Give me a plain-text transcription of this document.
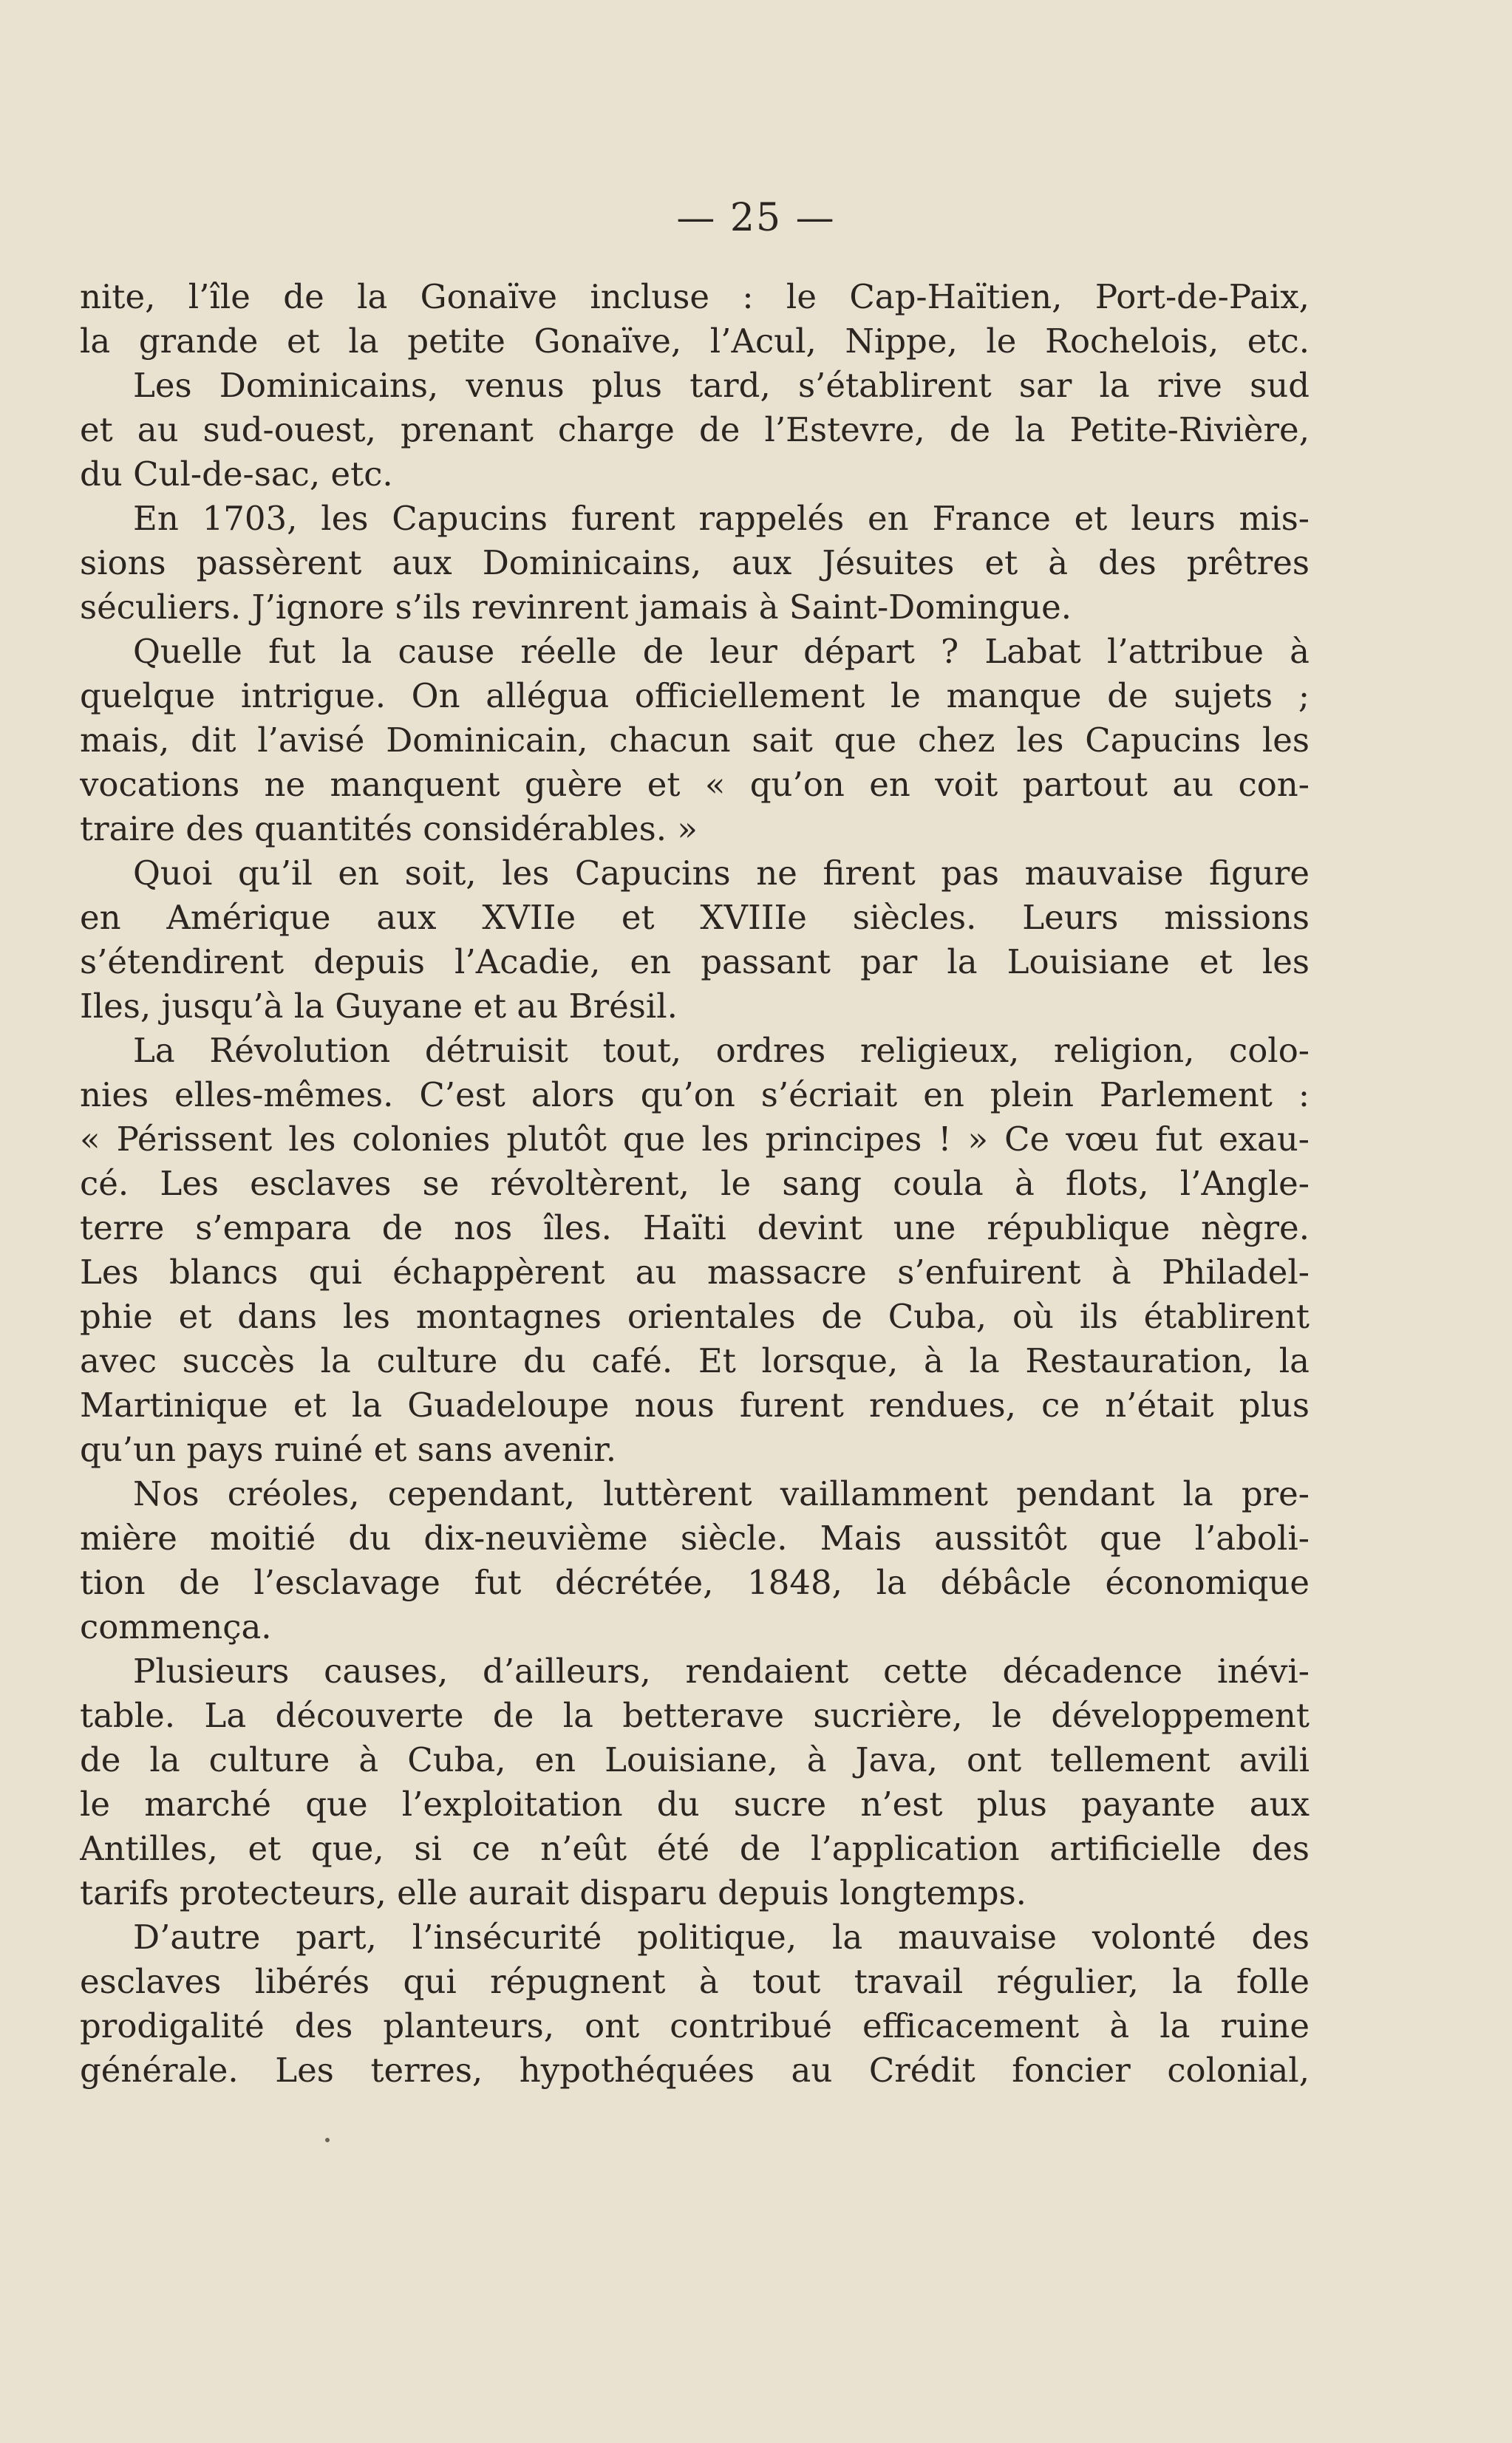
— 25 —
nite, l’île de la Gonaïve incluse : le Cap-Haïtien, Port-de-Paix,
la grande et la petite Gonaïve, l’Acul, Nippe, le Rochelois, etc.
Les Dominicains, venus plus tard, s’établirent sar la rive sud
et au sud-ouest, prenant charge de l’Estevre, de la Petite-Rivière,
du Cul-de-sac, etc.
En 1703, les Capucins furent rappelés en France et leurs mis-
sions passèrent aux Dominicains, aux Jésuites et à des prêtres
séculiers. J’ignore s’ils revinrent jamais à Saint-Domingue.
Quelle fut la cause réelle de leur départ ? Labat l’attribue à
quelque intrigue. On allégua officiellement le manque de sujets ;
mais, dit l’avisé Dominicain, chacun sait que chez les Capucins les
vocations ne manquent guère et « qu’on en voit partout au con-
traire des quantités considérables. »
Quoi qu’il en soit, les Capucins ne firent pas mauvaise figure
en Amérique aux XVIIe et XVIIIe siècles. Leurs missions
s’étendirent depuis l’Acadie, en passant par la Louisiane et les
Iles, jusqu’à la Guyane et au Brésil.
La Révolution détruisit tout, ordres religieux, religion, colo-
nies elles-mêmes. C’est alors qu’on s’écriait en plein Parlement :
« Périssent les colonies plutôt que les principes ! » Ce vœu fut exau-
cé. Les esclaves se révoltèrent, le sang coula à flots, l’Angle-
terre s’empara de nos îles. Haïti devint une république nègre.
Les blancs qui échappèrent au massacre s’enfuirent à Philadel-
phie et dans les montagnes orientales de Cuba, où ils établirent
avec succès la culture du café. Et lorsque, à la Restauration, la
Martinique et la Guadeloupe nous furent rendues, ce n’était plus
qu’un pays ruiné et sans avenir.
Nos créoles, cependant, luttèrent vaillamment pendant la pre-
mière moitié du dix-neuvième siècle. Mais aussitôt que l’aboli-
tion de l’esclavage fut décrétée, 1848, la débâcle économique
commença.
Plusieurs causes, d’ailleurs, rendaient cette décadence inévi-
table. La découverte de la betterave sucrière, le développement
de la culture à Cuba, en Louisiane, à Java, ont tellement avili
le marché que l’exploitation du sucre n’est plus payante aux
Antilles, et que, si ce n’eût été de l’application artificielle des
tarifs protecteurs, elle aurait disparu depuis longtemps.
D’autre part, l’insécurité politique, la mauvaise volonté des
esclaves libérés qui répugnent à tout travail régulier, la folle
prodigalité des planteurs, ont contribué efficacement à la ruine
générale. Les terres, hypothéquées au Crédit foncier colonial,
